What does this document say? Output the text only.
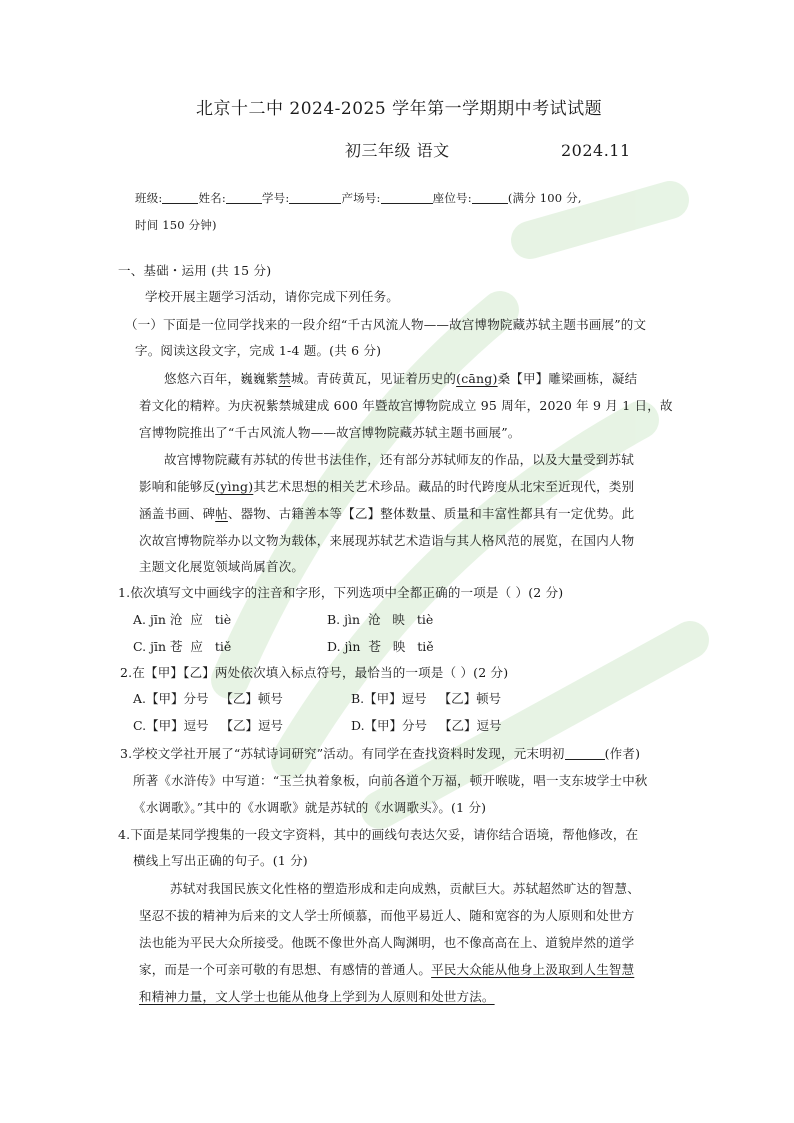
北京十二中 2024-2025 学年第一学期期中考试试题
初三年级 语文	2024.11
班级:	姓名:	学号:	产场号:	座位号:	(满分 100 分,
时间 150 分钟)
一、基础・运用 (共 15 分)
学校开展主题学习活动，请你完成下列任务。
（一）下面是一位同学找来的一段介绍“千古风流人物——故宫博物院藏苏轼主题书画展”的文
字。阅读这段文字，完成 1-4 题。(共 6 分)
悠悠六百年，巍巍紫禁城。青砖黄瓦，见证着历史的(cāng)桑【甲】雕梁画栋，凝结
着文化的精粹。为庆祝紫禁城建成 600 年暨故宫博物院成立 95 周年，2020 年 9 月 1 日，故
宫博物院推出了“千古风流人物——故宫博物院藏苏轼主题书画展”。
故宫博物院藏有苏轼的传世书法佳作，还有部分苏轼师友的作品，以及大量受到苏轼
影响和能够反(yìng)其艺术思想的相关艺术珍品。藏品的时代跨度从北宋至近现代，类别
涵盖书画、碑帖、器物、古籍善本等【乙】整体数量、质量和丰富性都具有一定优势。此
次故宫博物院举办以文物为载体，来展现苏轼艺术造诣与其人格风范的展览，在国内人物
主题文化展览领域尚属首次。
1.依次填写文中画线字的注音和字形，下列选项中全都正确的一项是（ ）(2 分)
A. jīn 沧  应   tiè	B. jìn  沧   映   tiè
C. jīn 苍  应   tiě	D. jìn  苍   映   tiě
2.在【甲】【乙】两处依次填入标点符号，最恰当的一项是（ ）(2 分)
A.【甲】分号   【乙】顿号	B.【甲】逗号   【乙】顿号
C.【甲】逗号   【乙】逗号	D.【甲】分号   【乙】逗号
3.学校文学社开展了“苏轼诗词研究”活动。有同学在查找资料时发现，元末明初	(作者)
所著《水浒传》中写道：“玉兰执着象板，向前各道个万福，顿开喉咙，唱一支东坡学士中秋
《水调歌》。”其中的《水调歌》就是苏轼的《水调歌头》。(1 分)
4.下面是某同学搜集的一段文字资料，其中的画线句表达欠妥，请你结合语境，帮他修改，在
横线上写出正确的句子。(1 分)
苏轼对我国民族文化性格的塑造形成和走向成熟，贡献巨大。苏轼超然旷达的智慧、
坚忍不拔的精神为后来的文人学士所倾慕，而他平易近人、随和宽容的为人原则和处世方
法也能为平民大众所接受。他既不像世外高人陶渊明，也不像高高在上、道貌岸然的道学
家，而是一个可亲可敬的有思想、有感情的普通人。平民大众能从他身上汲取到人生智慧
和精神力量，文人学士也能从他身上学到为人原则和处世方法。
